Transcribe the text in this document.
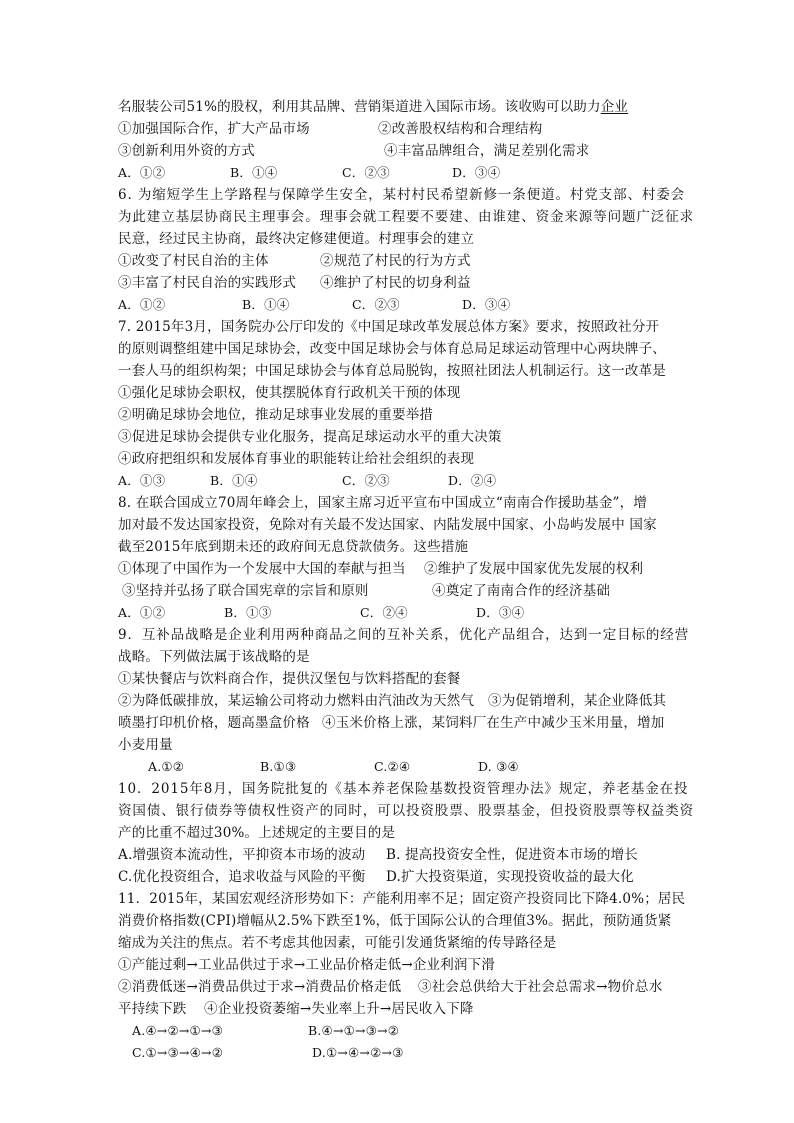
名服装公司51%的股权，利用其品牌、营销渠道进入国际市场。该收购可以助力企业
①加强国际合作，扩大产品市场	②改善股权结构和合理结构
③创新利用外资的方式	④丰富品牌组合，满足差别化需求
A．①②	B．①④	C．②③	D．③④
6. 为缩短学生上学路程与保障学生安全，某村村民希望新修一条便道。村党支部、村委会
为此建立基层协商民主理事会。理事会就工程要不要建、由谁建、资金来源等问题广泛征求
民意，经过民主协商，最终决定修建便道。村理事会的建立
①改变了村民自治的主体	②规范了村民的行为方式
③丰富了村民自治的实践形式 ④维护了村民的切身利益
A．①②	B．①④	C．②③	D．③④
7. 2015年3月，国务院办公厅印发的《中国足球改革发展总体方案》要求，按照政社分开
的原则调整组建中国足球协会，改变中国足球协会与体育总局足球运动管理中心两块牌子、
一套人马的组织构架；中国足球协会与体育总局脱钩，按照社团法人机制运行。这一改革是
①强化足球协会职权，使其摆脱体育行政机关干预的体现
②明确足球协会地位，推动足球事业发展的重要举措
③促进足球协会提供专业化服务，提高足球运动水平的重大决策
④政府把组织和发展体育事业的职能转让给社会组织的表现
A．①③	B．①④	C．②③	D．②④
8. 在联合国成立70周年峰会上，国家主席习近平宣布中国成立“南南合作援助基金”，增
加对最不发达国家投资，免除对有关最不发达国家、内陆发展中国家、小岛屿发展中 国家
截至2015年底到期未还的政府间无息贷款债务。这些措施
①体现了中国作为一个发展中大国的奉献与担当 ②维护了发展中国家优先发展的权利
③坚持并弘扬了联合国宪章的宗旨和原则	④奠定了南南合作的经济基础
A．①②	B．①③	C．②④	D．③④
9．互补品战略是企业利用两种商品之间的互补关系，优化产品组合，达到一定目标的经营
战略。下列做法属于该战略的是
①某快餐店与饮料商合作，提供汉堡包与饮料搭配的套餐
②为降低碳排放，某运输公司将动力燃料由汽油改为天然气 ③为促销增利，某企业降低其
喷墨打印机价格，题高墨盒价格 ④玉米价格上涨，某饲料厂在生产中减少玉米用量，增加
小麦用量
A.①②	B.①③	C.②④	D. ③④
10．2015年8月，国务院批复的《基本养老保险基数投资管理办法》规定，养老基金在投
资国债、银行债券等债权性资产的同时，可以投资股票、股票基金，但投资股票等权益类资
产的比重不超过30%。上述规定的主要目的是
A.增强资本流动性，平抑资本市场的波动 B. 提高投资安全性，促进资本市场的增长
C.优化投资组合，追求收益与风险的平衡 D.扩大投资渠道，实现投资收益的最大化
11．2015年，某国宏观经济形势如下：产能利用率不足；固定资产投资同比下降4.0%；居民
消费价格指数(CPI)增幅从2.5%下跌至1%，低于国际公认的合理值3%。据此，预防通货紧
缩成为关注的焦点。若不考虑其他因素，可能引发通货紧缩的传导路径是
①产能过剩→工业品供过于求→工业品价格走低→企业利润下滑
②消费低迷→消费品供过于求→消费品价格走低 ③社会总供给大于社会总需求→物价总水
平持续下跌 ④企业投资萎缩→失业率上升→居民收入下降
A.④→②→①→③	B.④→①→③→②
C.①→③→④→②	D.①→④→②→③
